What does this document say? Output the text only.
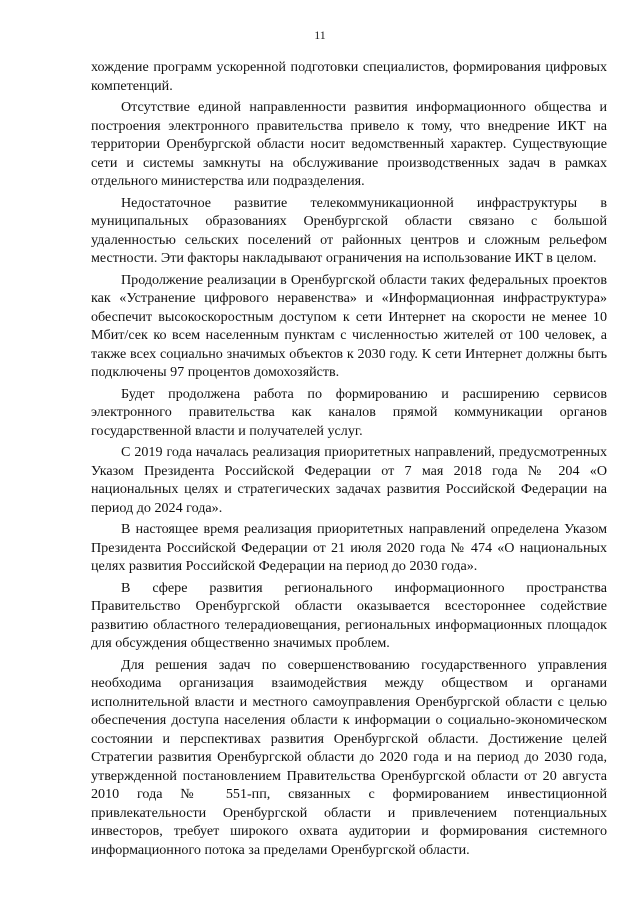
11

хождение программ ускоренной подготовки специалистов, формирования цифровых компетенций.

Отсутствие единой направленности развития информационного общества и построения электронного правительства привело к тому, что внедрение ИКТ на территории Оренбургской области носит ведомственный характер. Существующие сети и системы замкнуты на обслуживание производственных задач в рамках отдельного министерства или подразделения.

Недостаточное развитие телекоммуникационной инфраструктуры в муниципальных образованиях Оренбургской области связано с большой удаленностью сельских поселений от районных центров и сложным рельефом местности. Эти факторы накладывают ограничения на использование ИКТ в целом.

Продолжение реализации в Оренбургской области таких федеральных проектов как «Устранение цифрового неравенства» и «Информационная инфраструктура» обеспечит высокоскоростным доступом к сети Интернет на скорости не менее 10 Мбит/сек ко всем населенным пунктам с численностью жителей от 100 человек, а также всех социально значимых объектов к 2030 году. К сети Интернет должны быть подключены 97 процентов домохозяйств.

Будет продолжена работа по формированию и расширению сервисов электронного правительства как каналов прямой коммуникации органов государственной власти и получателей услуг.

С 2019 года началась реализация приоритетных направлений, предусмотренных Указом Президента Российской Федерации от 7 мая 2018 года № 204 «О национальных целях и стратегических задачах развития Российской Федерации на период до 2024 года».

В настоящее время реализация приоритетных направлений определена Указом Президента Российской Федерации от 21 июля 2020 года № 474 «О национальных целях развития Российской Федерации на период до 2030 года».

В сфере развития регионального информационного пространства Правительство Оренбургской области оказывается всестороннее содействие развитию областного телерадиовещания, региональных информационных площадок для обсуждения общественно значимых проблем.

Для решения задач по совершенствованию государственного управления необходима организация взаимодействия между обществом и органами исполнительной власти и местного самоуправления Оренбургской области с целью обеспечения доступа населения области к информации о социально-экономическом состоянии и перспективах развития Оренбургской области. Достижение целей Стратегии развития Оренбургской области до 2020 года и на период до 2030 года, утвержденной постановлением Правительства Оренбургской области от 20 августа 2010 года № 551-пп, связанных с формированием инвестиционной привлекательности Оренбургской области и привлечением потенциальных инвесторов, требует широкого охвата аудитории и формирования системного информационного потока за пределами Оренбургской области.
